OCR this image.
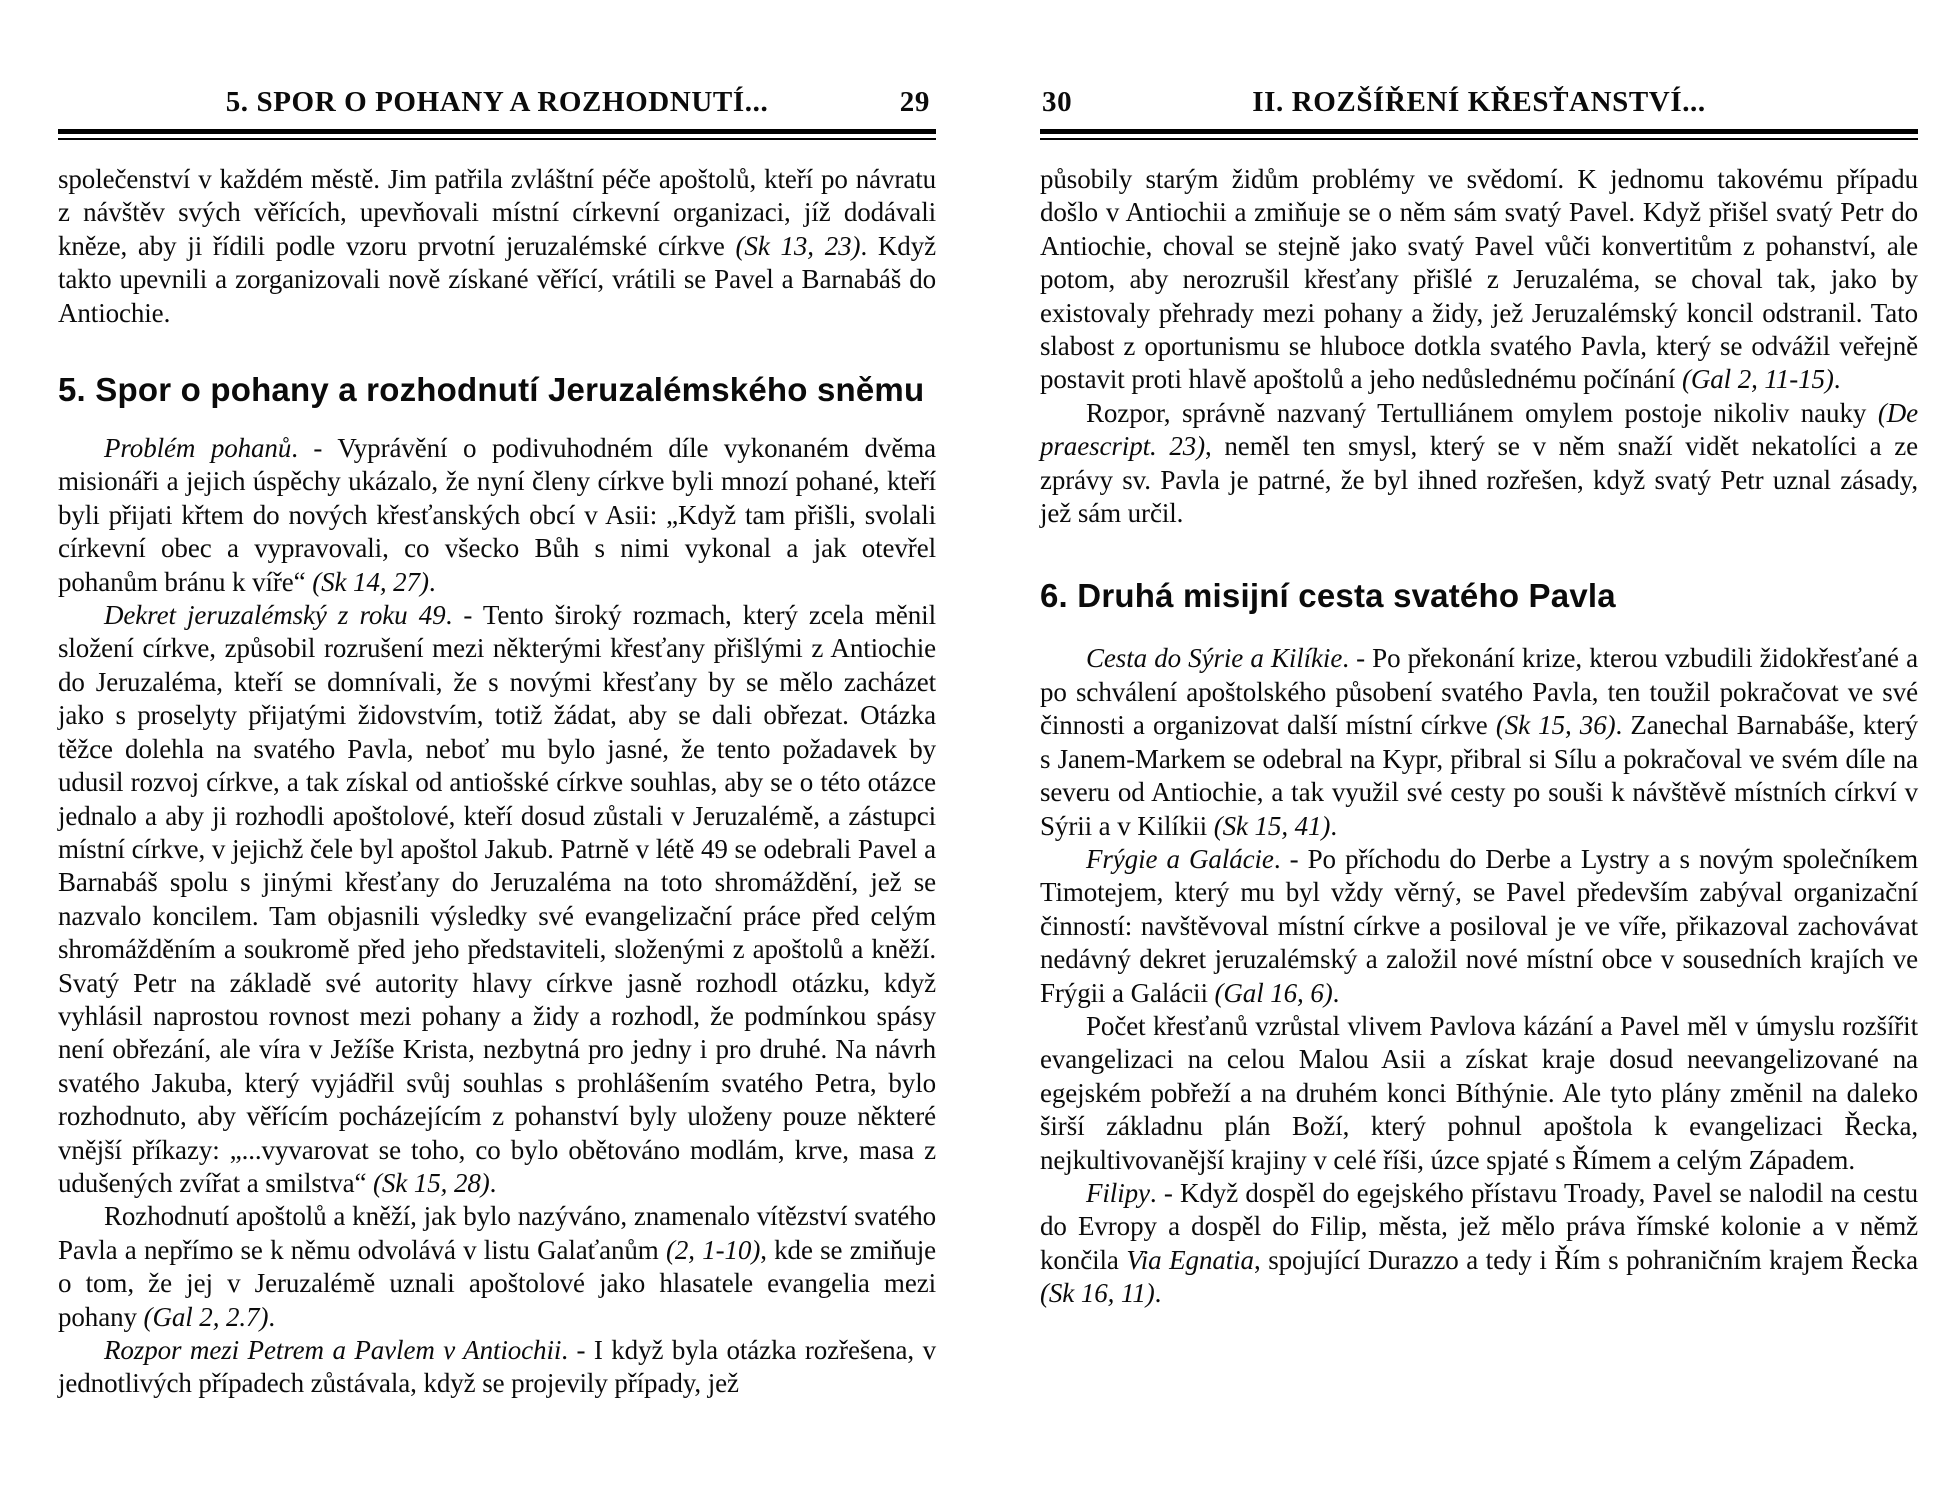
5. SPOR O POHANY A ROZHODNUTÍ...	29

společenství v každém městě. Jim patřila zvláštní péče apoštolů, kteří po návratu z návštěv svých věřících, upevňovali místní církevní organizaci, jíž dodávali kněze, aby ji řídili podle vzoru prvotní jeruzalémské církve (Sk 13, 23). Když takto upevnili a zorganizovali nově získané věřící, vrátili se Pavel a Barnabáš do Antiochie.

5. Spor o pohany a rozhodnutí Jeruzalémského sněmu

Problém pohanů. - Vyprávění o podivuhodném díle vykonaném dvěma misionáři a jejich úspěchy ukázalo, že nyní členy církve byli mnozí pohané, kteří byli přijati křtem do nových křesťanských obcí v Asii: „Když tam přišli, svolali církevní obec a vypravovali, co všecko Bůh s nimi vykonal a jak otevřel pohanům bránu k víře“ (Sk 14, 27).

Dekret jeruzalémský z roku 49. - Tento široký rozmach, který zcela měnil složení církve, způsobil rozrušení mezi některými křesťany přišlými z Antiochie do Jeruzaléma, kteří se domnívali, že s novými křesťany by se mělo zacházet jako s proselyty přijatými židovstvím, totiž žádat, aby se dali obřezat. Otázka těžce dolehla na svatého Pavla, neboť mu bylo jasné, že tento požadavek by udusil rozvoj církve, a tak získal od antiošské církve souhlas, aby se o této otázce jednalo a aby ji rozhodli apoštolové, kteří dosud zůstali v Jeruzalémě, a zástupci místní církve, v jejichž čele byl apoštol Jakub. Patrně v létě 49 se odebrali Pavel a Barnabáš spolu s jinými křesťany do Jeruzaléma na toto shromáždění, jež se nazvalo koncilem. Tam objasnili výsledky své evangelizační práce před celým shromážděním a soukromě před jeho představiteli, složenými z apoštolů a kněží. Svatý Petr na základě své autority hlavy církve jasně rozhodl otázku, když vyhlásil naprostou rovnost mezi pohany a židy a rozhodl, že podmínkou spásy není obřezání, ale víra v Ježíše Krista, nezbytná pro jedny i pro druhé. Na návrh svatého Jakuba, který vyjádřil svůj souhlas s prohlášením svatého Petra, bylo rozhodnuto, aby věřícím pocházejícím z pohanství byly uloženy pouze některé vnější příkazy: „...vyvarovat se toho, co bylo obětováno modlám, krve, masa z udušených zvířat a smilstva“ (Sk 15, 28).

Rozhodnutí apoštolů a kněží, jak bylo nazýváno, znamenalo vítězství svatého Pavla a nepřímo se k němu odvolává v listu Galaťanům (2, 1-10), kde se zmiňuje o tom, že jej v Jeruzalémě uznali apoštolové jako hlasatele evangelia mezi pohany (Gal 2, 2.7).

Rozpor mezi Petrem a Pavlem v Antiochii. - I když byla otázka rozřešena, v jednotlivých případech zůstávala, když se projevily případy, jež

30	II. ROZŠÍŘENÍ KŘESŤANSTVÍ...

působily starým židům problémy ve svědomí. K jednomu takovému případu došlo v Antiochii a zmiňuje se o něm sám svatý Pavel. Když přišel svatý Petr do Antiochie, choval se stejně jako svatý Pavel vůči konvertitům z pohanství, ale potom, aby nerozrušil křesťany přišlé z Jeruzaléma, se choval tak, jako by existovaly přehrady mezi pohany a židy, jež Jeruzalémský koncil odstranil. Tato slabost z oportunismu se hluboce dotkla svatého Pavla, který se odvážil veřejně postavit proti hlavě apoštolů a jeho nedůslednému počínání (Gal 2, 11-15).

Rozpor, správně nazvaný Tertulliánem omylem postoje nikoliv nauky (De praescript. 23), neměl ten smysl, který se v něm snaží vidět nekatolíci a ze zprávy sv. Pavla je patrné, že byl ihned rozřešen, když svatý Petr uznal zásady, jež sám určil.

6. Druhá misijní cesta svatého Pavla

Cesta do Sýrie a Kilíkie. - Po překonání krize, kterou vzbudili židokřesťané a po schválení apoštolského působení svatého Pavla, ten toužil pokračovat ve své činnosti a organizovat další místní církve (Sk 15, 36). Zanechal Barnabáše, který s Janem-Markem se odebral na Kypr, přibral si Sílu a pokračoval ve svém díle na severu od Antiochie, a tak využil své cesty po souši k návštěvě místních církví v Sýrii a v Kilíkii (Sk 15, 41).

Frýgie a Galácie. - Po příchodu do Derbe a Lystry a s novým společníkem Timotejem, který mu byl vždy věrný, se Pavel především zabýval organizační činností: navštěvoval místní církve a posiloval je ve víře, přikazoval zachovávat nedávný dekret jeruzalémský a založil nové místní obce v sousedních krajích ve Frýgii a Galácii (Gal 16, 6).

Počet křesťanů vzrůstal vlivem Pavlova kázání a Pavel měl v úmyslu rozšířit evangelizaci na celou Malou Asii a získat kraje dosud neevangelizované na egejském pobřeží a na druhém konci Bíthýnie. Ale tyto plány změnil na daleko širší základnu plán Boží, který pohnul apoštola k evangelizaci Řecka, nejkultivovanější krajiny v celé říši, úzce spjaté s Římem a celým Západem.

Filipy. - Když dospěl do egejského přístavu Troady, Pavel se nalodil na cestu do Evropy a dospěl do Filip, města, jež mělo práva římské kolonie a v němž končila Via Egnatia, spojující Durazzo a tedy i Řím s pohraničním krajem Řecka (Sk 16, 11).
